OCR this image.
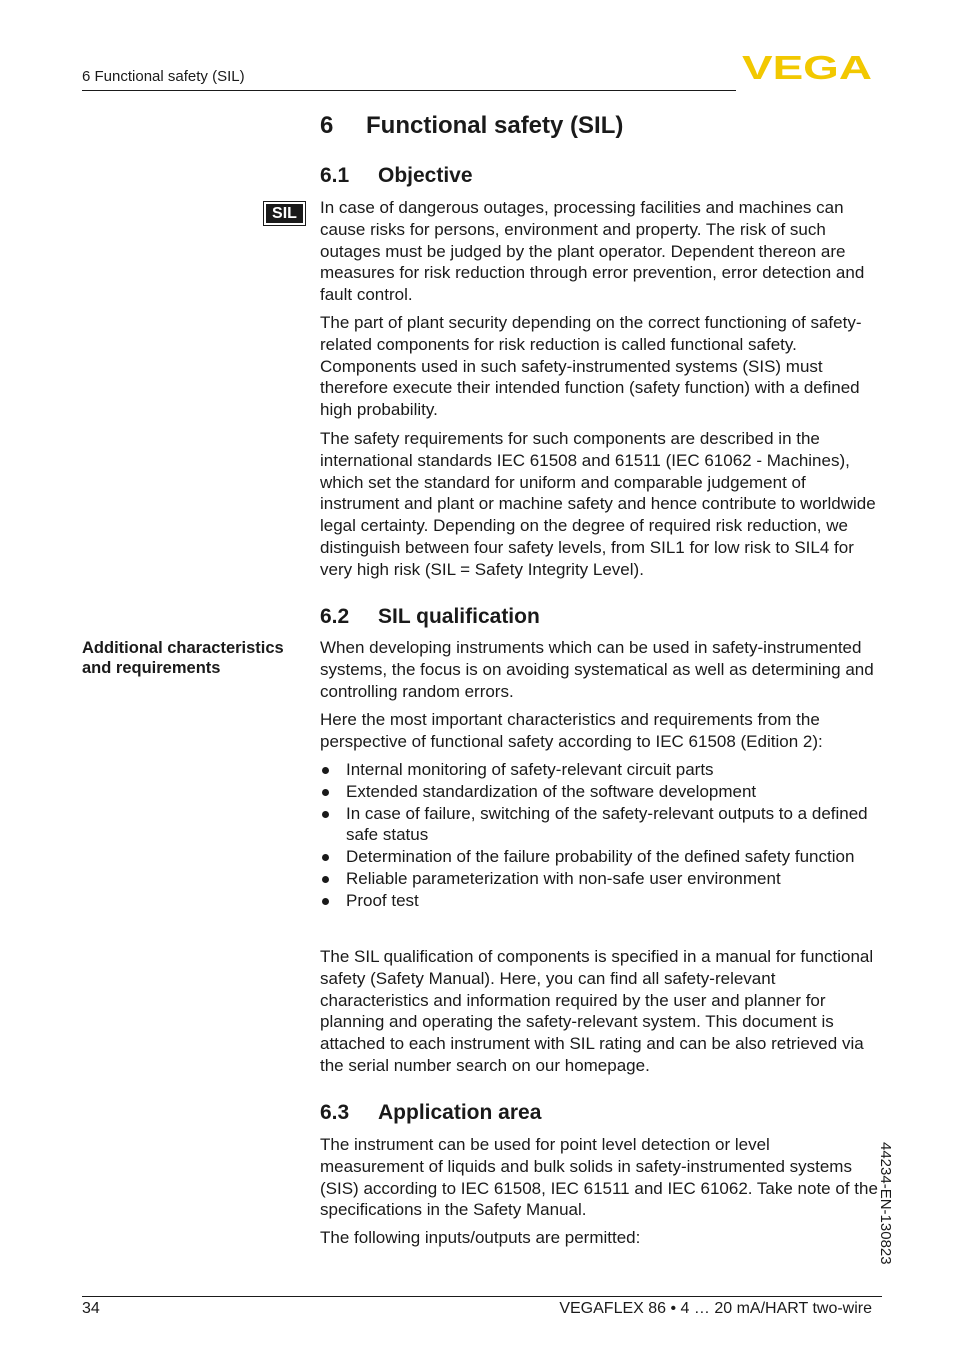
6 Functional safety (SIL)	VEGA
6 Functional safety (SIL)
6.1 Objective
SIL	In case of dangerous outages, processing facilities and machines can cause risks for persons, environment and property. The risk of such outages must be judged by the plant operator. Dependent thereon are measures for risk reduction through error prevention, error detection and fault control.

The part of plant security depending on the correct functioning of safety-related components for risk reduction is called functional safety. Components used in such safety-instrumented systems (SIS) must therefore execute their intended function (safety function) with a defined high probability.

The safety requirements for such components are described in the international standards IEC 61508 and 61511 (IEC 61062 - Machines), which set the standard for uniform and comparable judgement of instrument and plant or machine safety and hence contribute to worldwide legal certainty. Depending on the degree of required risk reduction, we distinguish between four safety levels, from SIL1 for low risk to SIL4 for very high risk (SIL = Safety Integrity Level).

6.2 SIL qualification
Additional characteristics and requirements

When developing instruments which can be used in safety-instrumented systems, the focus is on avoiding systematical as well as determining and controlling random errors.

Here the most important characteristics and requirements from the perspective of functional safety according to IEC 61508 (Edition 2):

Internal monitoring of safety-relevant circuit parts
Extended standardization of the software development
In case of failure, switching of the safety-relevant outputs to a defined safe status
Determination of the failure probability of the defined safety function
Reliable parameterization with non-safe user environment
Proof test

The SIL qualification of components is specified in a manual for functional safety (Safety Manual). Here, you can find all safety-relevant characteristics and information required by the user and planner for planning and operating the safety-relevant system. This document is attached to each instrument with SIL rating and can be also retrieved via the serial number search on our homepage.

6.3 Application area

The instrument can be used for point level detection or level measurement of liquids and bulk solids in safety-instrumented systems (SIS) according to IEC 61508, IEC 61511 and IEC 61062. Take note of the specifications in the Safety Manual.

The following inputs/outputs are permitted:	44234-EN-130823
34	VEGAFLEX 86 • 4 … 20 mA/HART two-wire
